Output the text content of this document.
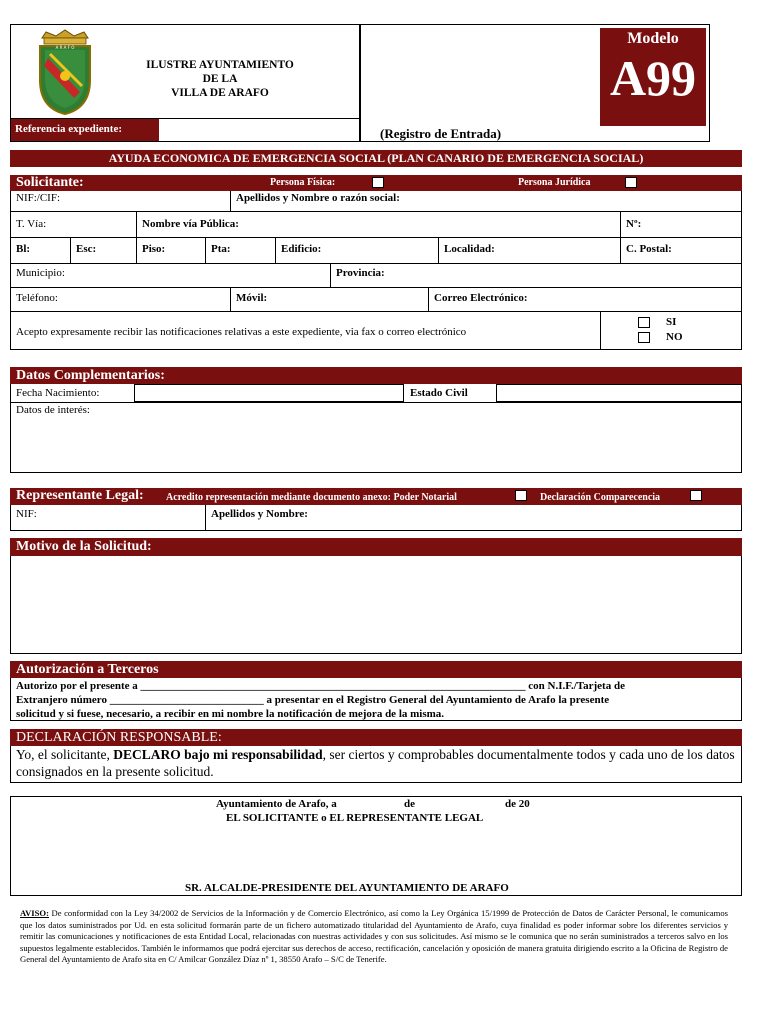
A R A F O
ILUSTRE AYUNTAMIENTO
DE LA
VILLA DE ARAFO
Referencia expediente:	(Registro de Entrada)
Modelo
A99
AYUDA ECONOMICA DE EMERGENCIA SOCIAL (PLAN CANARIO DE EMERGENCIA SOCIAL)
Solicitante:	Persona Física:	Persona Jurídica
NIF:/CIF:	Apellidos y Nombre o razón social:
T. Vía:	Nombre vía Pública:	Nº:
Bl:	Esc:	Piso:	Pta:	Edificio:	Localidad:	C. Postal:
Municipio:	Provincia:
Teléfono:	Móvil:	Correo Electrónico:
Acepto expresamente recibir las notificaciones relativas a este expediente, via fax o correo electrónico
SI
NO
Datos Complementarios:
Fecha Nacimiento:	Estado Civil
Datos de interés:
Representante Legal: Acredito representación mediante documento anexo: Poder Notarial	Declaración Comparecencia
NIF:	Apellidos y Nombre:
Motivo de la Solicitud:
Autorización a Terceros
Autorizo por el presente a ______________________________________________________________________ con N.I.F./Tarjeta de
Extranjero número ____________________________ a presentar en el Registro General del Ayuntamiento de Arafo la presente
solicitud y si fuese, necesario, a recibir en mi nombre la notificación de mejora de la misma.
DECLARACIÓN RESPONSABLE:
Yo, el solicitante, DECLARO bajo mi responsabilidad, ser ciertos y comprobables documentalmente todos y cada uno de los datos consignados en la presente solicitud.
Ayuntamiento de Arafo, a	de	de 20
EL SOLICITANTE o EL REPRESENTANTE LEGAL
SR. ALCALDE-PRESIDENTE DEL AYUNTAMIENTO DE ARAFO
AVISO: De conformidad con la Ley 34/2002 de Servicios de la Información y de Comercio Electrónico, así como la Ley Orgánica 15/1999 de Protección de Datos de Carácter Personal, le comunicamos que los datos suministrados por Ud. en esta solicitud formarán parte de un fichero automatizado titularidad del Ayuntamiento de Arafo, cuya finalidad es poder informar sobre los diferentes servicios y remitir las comunicaciones y notificaciones de esta Entidad Local, relacionadas con nuestras actividades y con sus solicitudes. Así mismo se le comunica que no serán suministrados a terceros salvo en los supuestos legalmente establecidos. También le informamos que podrá ejercitar sus derechos de acceso, rectificación, cancelación y oposición de manera gratuita dirigiendo escrito a la Oficina de Registro de General del Ayuntamiento de Arafo sita en C/ Amilcar González Díaz nº 1, 38550 Arafo – S/C de Tenerife.
